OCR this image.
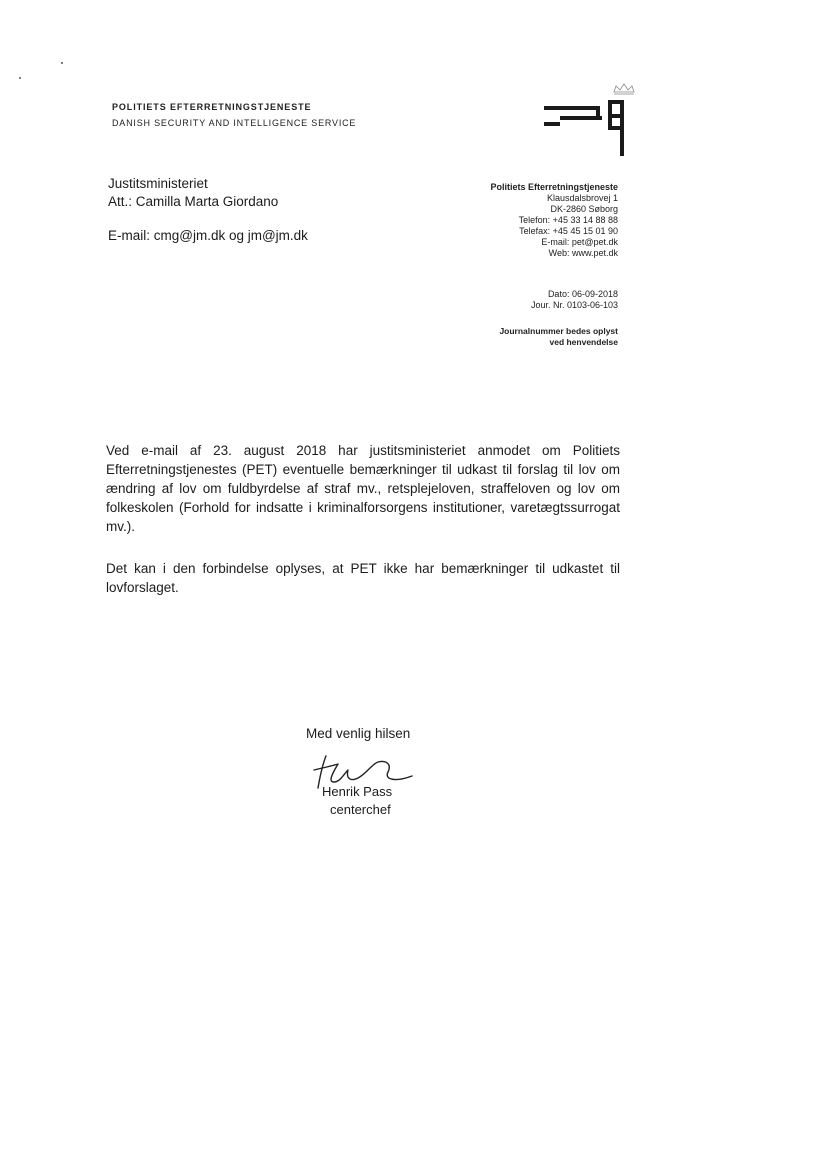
POLITIETS EFTERRETNINGSTJENESTE
DANISH SECURITY AND INTELLIGENCE SERVICE
Justitsministeriet
Att.: Camilla Marta Giordano
E-mail: cmg@jm.dk og jm@jm.dk
Politiets Efterretningstjeneste
Klausdalsbrovej 1
DK-2860 Søborg
Telefon: +45 33 14 88 88
Telefax: +45 45 15 01 90
E-mail: pet@pet.dk
Web: www.pet.dk
Dato: 06-09-2018
Jour. Nr. 0103-06-103
Journalnummer bedes oplyst
ved henvendelse

Ved e-mail af 23. august 2018 har justitsministeriet anmodet om Politiets Efterretningstjenestes (PET) eventuelle bemærkninger til udkast til forslag til lov om ændring af lov om fuldbyrdelse af straf mv., retsplejeloven, straffeloven og lov om folkeskolen (Forhold for indsatte i kriminalforsorgens institutioner, varetægtssurrogat mv.).

Det kan i den forbindelse oplyses, at PET ikke har bemærkninger til udkastet til lovforslaget.

Med venlig hilsen
Henrik Pass
centerchef
